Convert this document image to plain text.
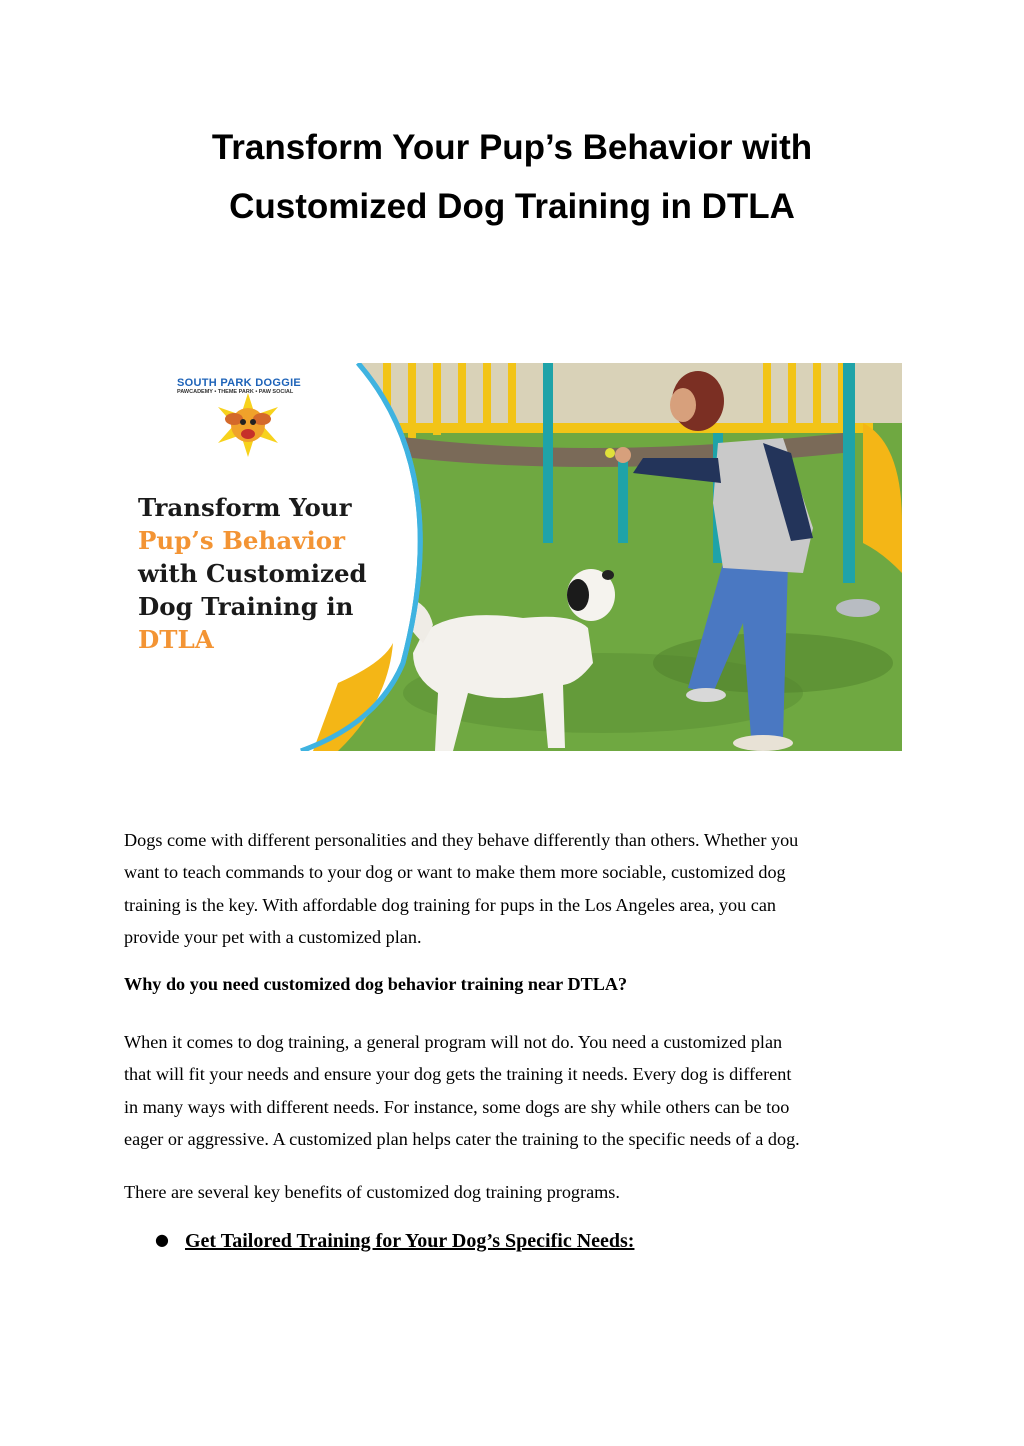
Transform Your Pup’s Behavior with
Customized Dog Training in DTLA
SOUTH PARK DOGGIE
PAWCADEMY • THEME PARK • PAW SOCIAL
Transform Your
Pup’s Behavior
with Customized
Dog Training in
DTLA
Dogs come with different personalities and they behave differently than others. Whether you
want to teach commands to your dog or want to make them more sociable, customized dog
training is the key. With affordable dog training for pups in the Los Angeles area, you can
provide your pet with a customized plan.
Why do you need customized dog behavior training near DTLA?
When it comes to dog training, a general program will not do. You need a customized plan
that will fit your needs and ensure your dog gets the training it needs. Every dog is different
in many ways with different needs. For instance, some dogs are shy while others can be too
eager or aggressive. A customized plan helps cater the training to the specific needs of a dog.
There are several key benefits of customized dog training programs.
● Get Tailored Training for Your Dog’s Specific Needs:
